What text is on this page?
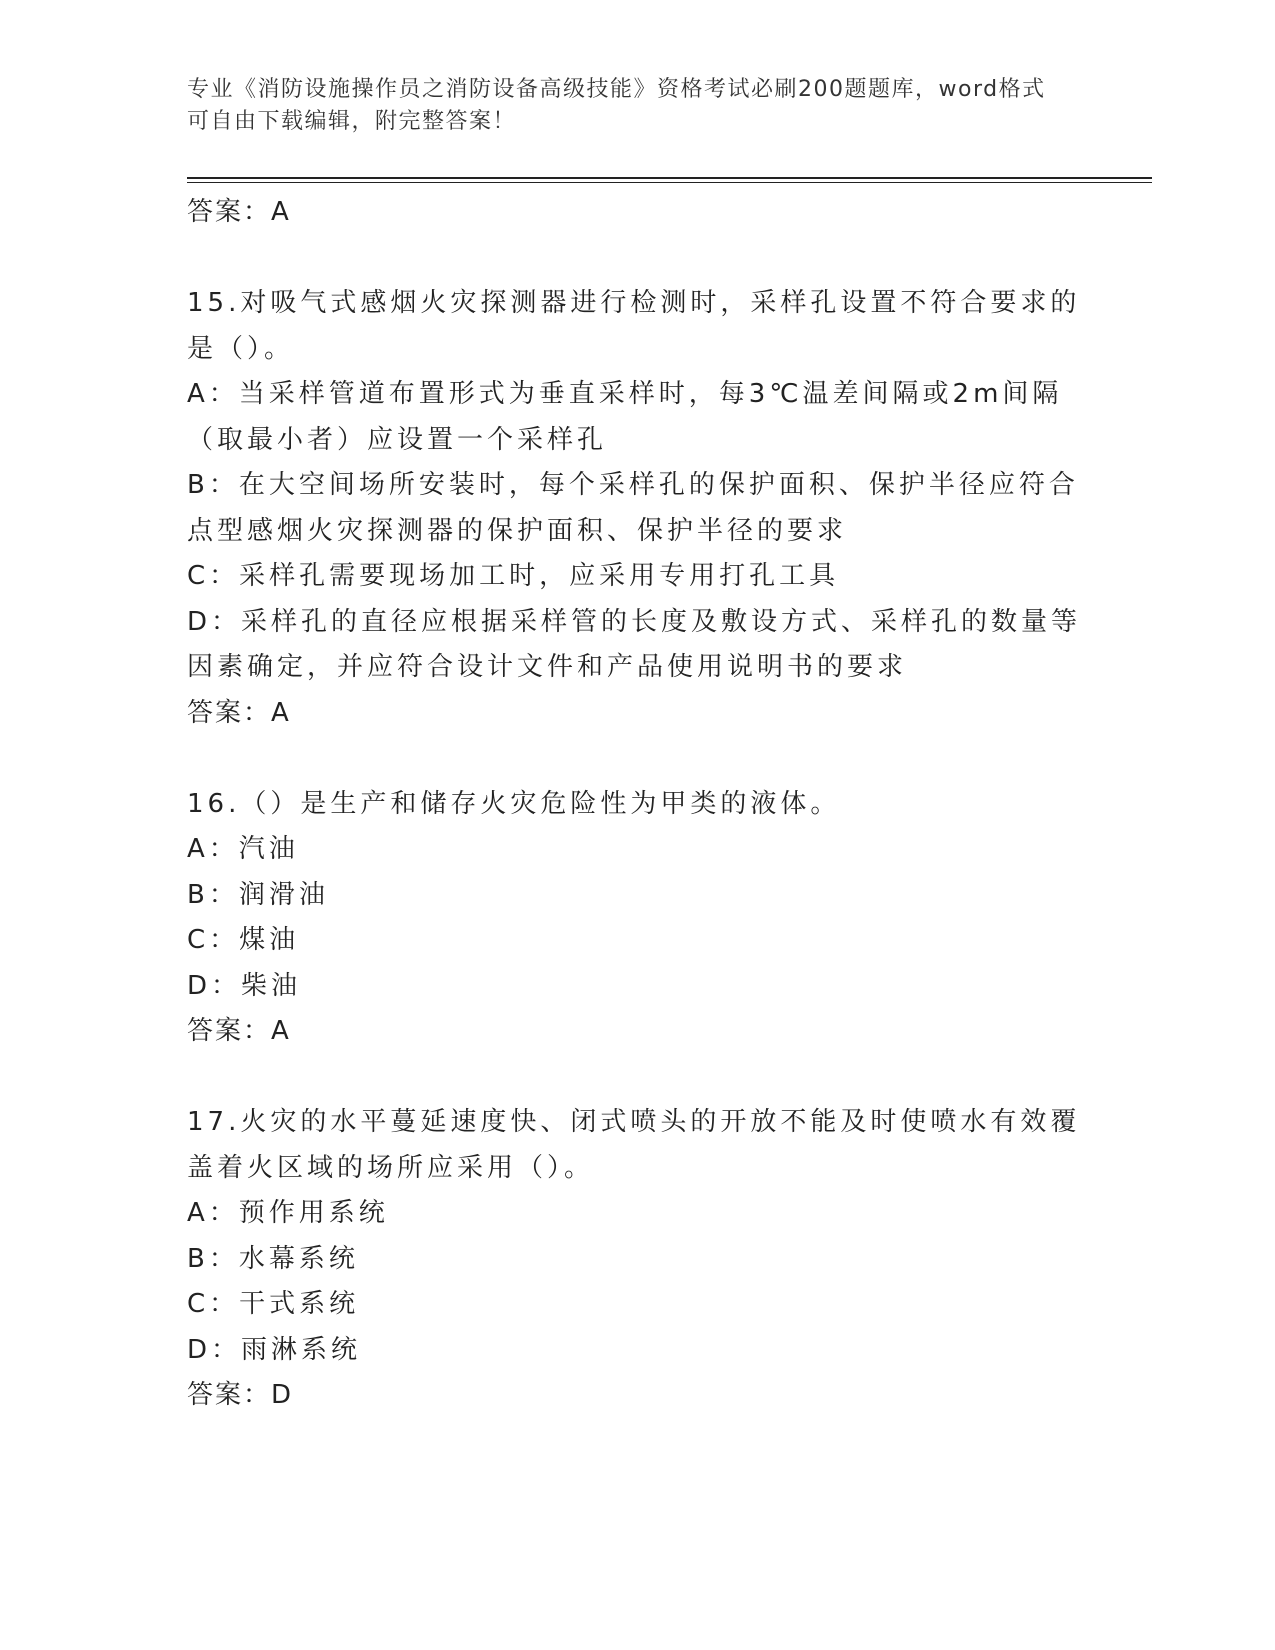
专业《消防设施操作员之消防设备高级技能》资格考试必刷200题题库，word格式可自由下载编辑，附完整答案！

答案：A

15.对吸气式感烟火灾探测器进行检测时，采样孔设置不符合要求的是（）。

A：当采样管道布置形式为垂直采样时，每3℃温差间隔或2m间隔（取最小者）应设置一个采样孔

B：在大空间场所安装时，每个采样孔的保护面积、保护半径应符合点型感烟火灾探测器的保护面积、保护半径的要求

C：采样孔需要现场加工时，应采用专用打孔工具

D：采样孔的直径应根据采样管的长度及敷设方式、采样孔的数量等因素确定，并应符合设计文件和产品使用说明书的要求

答案：A

16.（）是生产和储存火灾危险性为甲类的液体。

A：汽油

B：润滑油

C：煤油

D：柴油

答案：A

17.火灾的水平蔓延速度快、闭式喷头的开放不能及时使喷水有效覆盖着火区域的场所应采用（）。

A：预作用系统

B：水幕系统

C：干式系统

D：雨淋系统

答案：D
